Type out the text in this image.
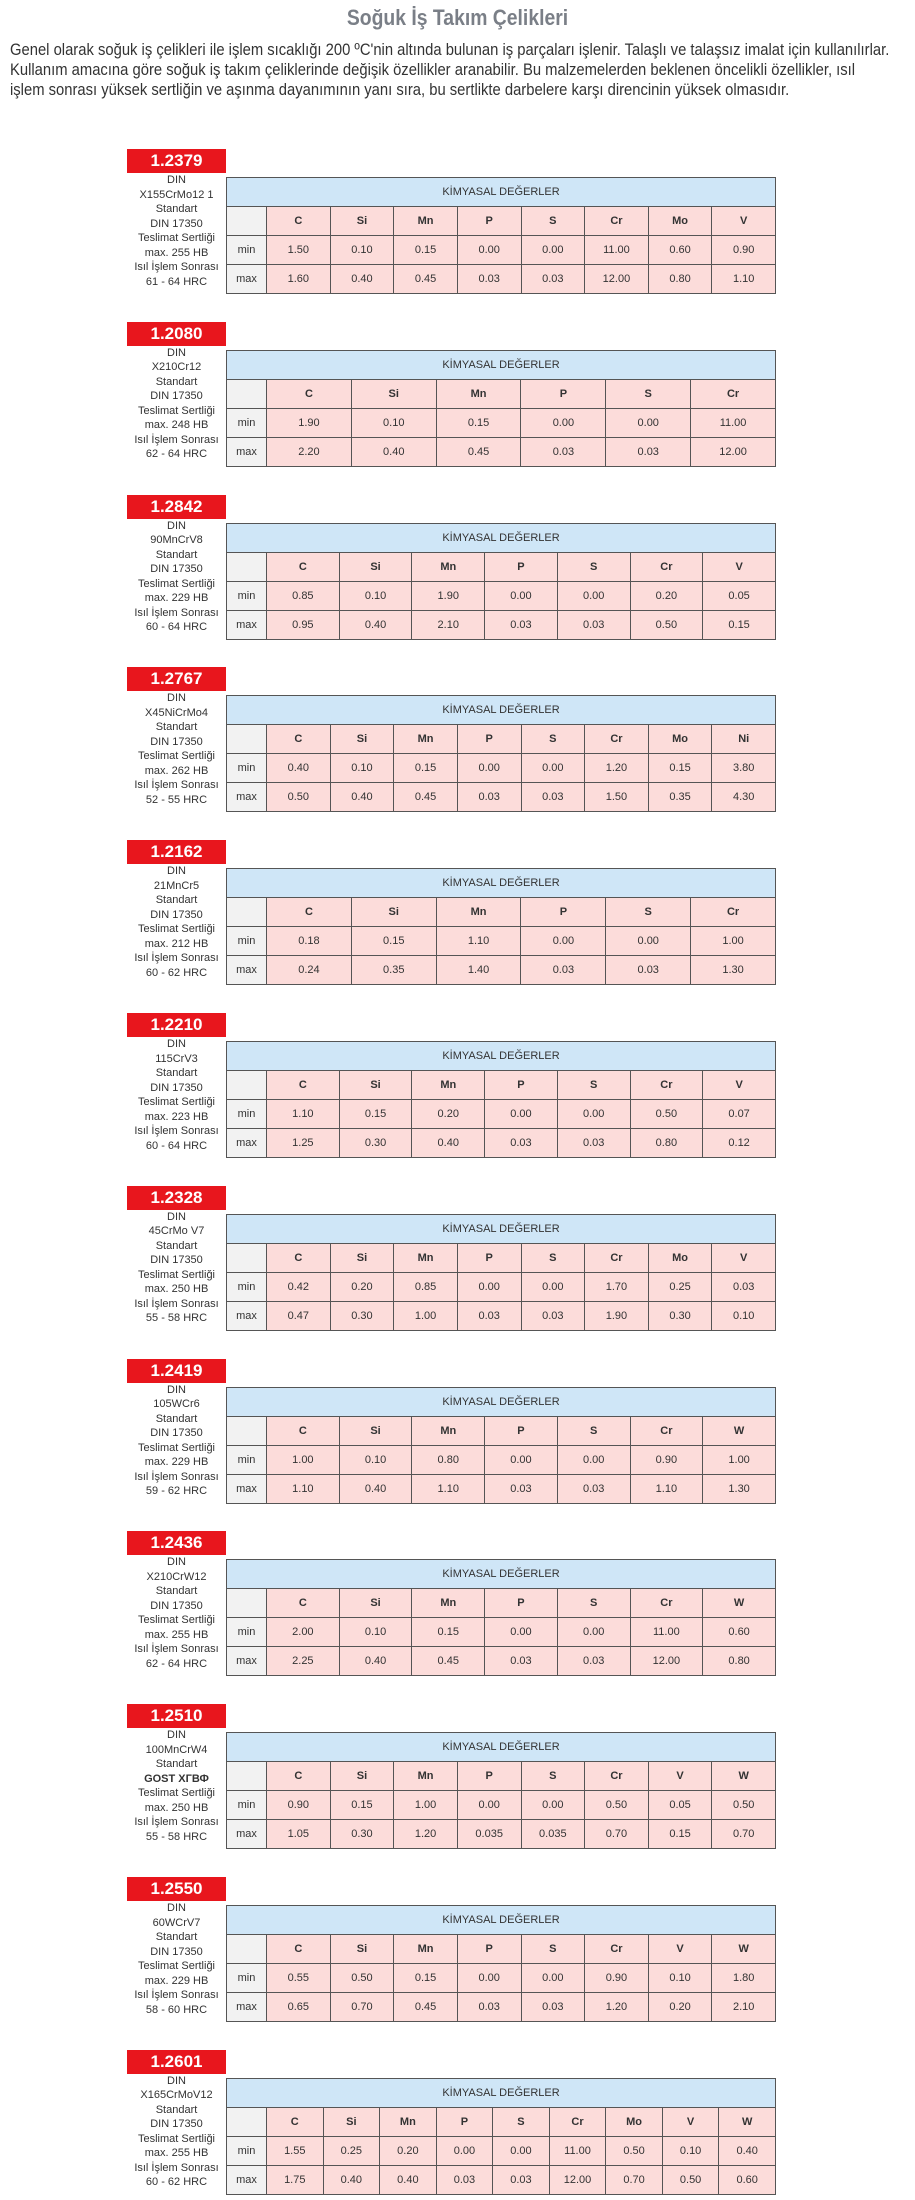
Soğuk İş Takım Çelikleri
Genel olarak soğuk iş çelikleri ile işlem sıcaklığı 200 ºC'nin altında bulunan iş parçaları işlenir. Talaşlı ve talaşsız imalat için kullanılırlar.
Kullanım amacına göre soğuk iş takım çeliklerinde değişik özellikler aranabilir. Bu malzemelerden beklenen öncelikli özellikler, ısıl
işlem sonrası yüksek sertliğin ve aşınma dayanımının yanı sıra, bu sertlikte darbelere karşı direncinin yüksek olmasıdır.
1.2379
DIN
X155CrMo12 1
Standart
DIN 17350
Teslimat Sertliği
max. 255 HB
Isıl İşlem Sonrası
61 - 64 HRC
KİMYASAL DEĞERLER								
	C	Si	Mn	P	S	Cr	Mo	V
min	1.50	0.10	0.15	0.00	0.00	11.00	0.60	0.90
max	1.60	0.40	0.45	0.03	0.03	12.00	0.80	1.10
1.2080
DIN
X210Cr12
Standart
DIN 17350
Teslimat Sertliği
max. 248 HB
Isıl İşlem Sonrası
62 - 64 HRC
KİMYASAL DEĞERLER						
	C	Si	Mn	P	S	Cr
min	1.90	0.10	0.15	0.00	0.00	11.00
max	2.20	0.40	0.45	0.03	0.03	12.00
1.2842
DIN
90MnCrV8
Standart
DIN 17350
Teslimat Sertliği
max. 229 HB
Isıl İşlem Sonrası
60 - 64 HRC
KİMYASAL DEĞERLER							
	C	Si	Mn	P	S	Cr	V
min	0.85	0.10	1.90	0.00	0.00	0.20	0.05
max	0.95	0.40	2.10	0.03	0.03	0.50	0.15
1.2767
DIN
X45NiCrMo4
Standart
DIN 17350
Teslimat Sertliği
max. 262 HB
Isıl İşlem Sonrası
52 - 55 HRC
KİMYASAL DEĞERLER								
	C	Si	Mn	P	S	Cr	Mo	Ni
min	0.40	0.10	0.15	0.00	0.00	1.20	0.15	3.80
max	0.50	0.40	0.45	0.03	0.03	1.50	0.35	4.30
1.2162
DIN
21MnCr5
Standart
DIN 17350
Teslimat Sertliği
max. 212 HB
Isıl İşlem Sonrası
60 - 62 HRC
KİMYASAL DEĞERLER						
	C	Si	Mn	P	S	Cr
min	0.18	0.15	1.10	0.00	0.00	1.00
max	0.24	0.35	1.40	0.03	0.03	1.30
1.2210
DIN
115CrV3
Standart
DIN 17350
Teslimat Sertliği
max. 223 HB
Isıl İşlem Sonrası
60 - 64 HRC
KİMYASAL DEĞERLER							
	C	Si	Mn	P	S	Cr	V
min	1.10	0.15	0.20	0.00	0.00	0.50	0.07
max	1.25	0.30	0.40	0.03	0.03	0.80	0.12
1.2328
DIN
45CrMo V7
Standart
DIN 17350
Teslimat Sertliği
max. 250 HB
Isıl İşlem Sonrası
55 - 58 HRC
KİMYASAL DEĞERLER								
	C	Si	Mn	P	S	Cr	Mo	V
min	0.42	0.20	0.85	0.00	0.00	1.70	0.25	0.03
max	0.47	0.30	1.00	0.03	0.03	1.90	0.30	0.10
1.2419
DIN
105WCr6
Standart
DIN 17350
Teslimat Sertliği
max. 229 HB
Isıl İşlem Sonrası
59 - 62 HRC
KİMYASAL DEĞERLER							
	C	Si	Mn	P	S	Cr	W
min	1.00	0.10	0.80	0.00	0.00	0.90	1.00
max	1.10	0.40	1.10	0.03	0.03	1.10	1.30
1.2436
DIN
X210CrW12
Standart
DIN 17350
Teslimat Sertliği
max. 255 HB
Isıl İşlem Sonrası
62 - 64 HRC
KİMYASAL DEĞERLER							
	C	Si	Mn	P	S	Cr	W
min	2.00	0.10	0.15	0.00	0.00	11.00	0.60
max	2.25	0.40	0.45	0.03	0.03	12.00	0.80
1.2510
DIN
100MnCrW4
Standart
GOST XГВФ
Teslimat Sertliği
max. 250 HB
Isıl İşlem Sonrası
55 - 58 HRC
KİMYASAL DEĞERLER								
	C	Si	Mn	P	S	Cr	V	W
min	0.90	0.15	1.00	0.00	0.00	0.50	0.05	0.50
max	1.05	0.30	1.20	0.035	0.035	0.70	0.15	0.70
1.2550
DIN
60WCrV7
Standart
DIN 17350
Teslimat Sertliği
max. 229 HB
Isıl İşlem Sonrası
58 - 60 HRC
KİMYASAL DEĞERLER								
	C	Si	Mn	P	S	Cr	V	W
min	0.55	0.50	0.15	0.00	0.00	0.90	0.10	1.80
max	0.65	0.70	0.45	0.03	0.03	1.20	0.20	2.10
1.2601
DIN
X165CrMoV12
Standart
DIN 17350
Teslimat Sertliği
max. 255 HB
Isıl İşlem Sonrası
60 - 62 HRC
KİMYASAL DEĞERLER									
	C	Si	Mn	P	S	Cr	Mo	V	W
min	1.55	0.25	0.20	0.00	0.00	11.00	0.50	0.10	0.40
max	1.75	0.40	0.40	0.03	0.03	12.00	0.70	0.50	0.60
